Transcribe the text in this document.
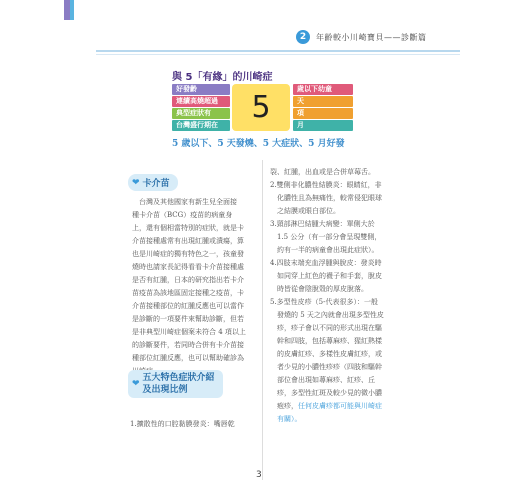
2	年齡較小川崎寶貝——診斷篇
與 5「有緣」的川崎症
好發齡
連續高燒超過
典型症狀有
台灣盛行期在	5
歲以下幼童
天
項
月
5 歲以下、5 天發燒、5 大症狀、5 月好發
❤ 卡介苗
　台灣及其他國家有新生兒全面接
種卡介苗（BCG）疫苗的病童身
上，還有個相當特別的症狀，就是卡
介苗接種處常有出現紅腫或潰瘍，算
也是川崎症的獨有特色之一，孩童發
燒時也請家長記得看看卡介苗接種處
是否有紅腫，日本的研究指出若卡介
苗疫苗為該地區固定接種之疫苗，卡
介苗接種部位的紅腫反應也可以當作
是診斷的一項要件來幫助診斷，但若
是非典型川崎症個案未符合 4 項以上
的診斷要件，若同時合併有卡介苗接
種部位紅腫反應，也可以幫助確診為
❤
五大特色症狀介紹
及出現比例
1.擴散性的口腔黏膜發炎：嘴唇乾
裂、紅腫，出血或是合併草莓舌。
2.雙側非化膿性結膜炎：眼睛紅，非
　化膿性且為無痛性，較常侵犯眼球
　之結膜或眼白部位。
3.頸部淋巴結腫大病變：單側大於
　1.5 公分（有一部分會呈現雙側，
　約有一半的病童會出現此症狀）。
4.四肢末端充血浮腫與脫皮：發炎時
　如同穿上紅色的襪子和手套，脫皮
　時皆從會陰脫殼的厚皮脫落。
5.多型性皮疹（5-代表很多）：一般
　發燒的 5 天之內就會出現多型性皮
　疹，疹子會以不同的形式出現在驅
　幹和四肢，包括蕁麻疹、猩紅熱樣
　的皮膚紅疹、多樣性皮膚紅疹，或
　者少見的小膿性疹疹（四肢和驅幹
　部位會出現如蕁麻疹、紅疹、丘
　疹，多型性紅斑及較少見的微小膿
　疱疹，任何皮膚疹都可能與川崎症
　有關）。
3
